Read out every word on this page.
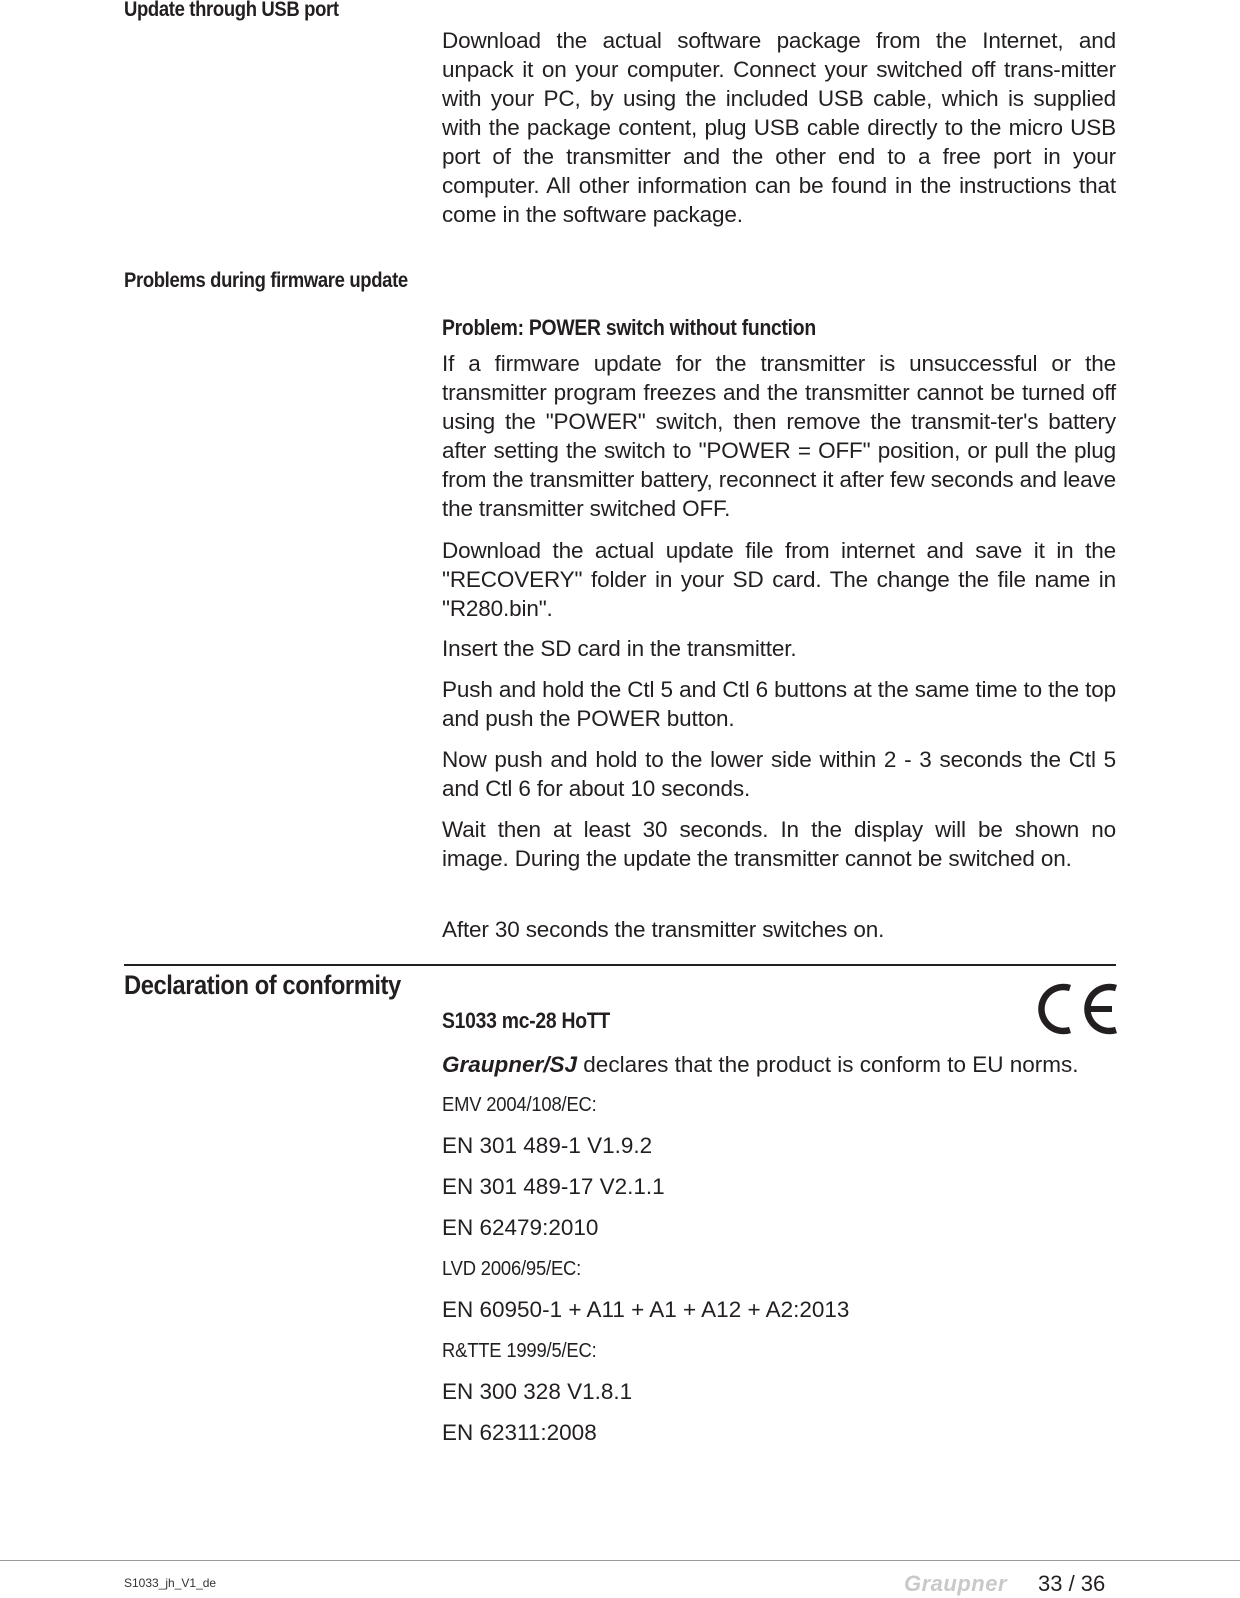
Update through USB port
Download the actual software package from the Internet, and unpack it on your computer. Connect your switched off trans-mitter with your PC, by using the included USB cable, which is supplied with the package content, plug USB cable directly to the micro USB port of the transmitter and the other end to a free port in your computer. All other information can be found in the instructions that come in the software package.
Problems during firmware update
Problem: POWER switch without function
If a firmware update for the transmitter is unsuccessful or the transmitter program freezes and the transmitter cannot be turned off using the "POWER" switch, then remove the transmit-ter's battery after setting the switch to "POWER = OFF" position, or pull the plug from the transmitter battery, reconnect it after few seconds and leave the transmitter switched OFF.
Download the actual update file from internet and save it in the "RECOVERY" folder in your SD card. The change the file name in "R280.bin".
Insert the SD card in the transmitter.
Push and hold the Ctl 5 and Ctl 6 buttons at the same time to the top and push the POWER button.
Now push and hold to the lower side within 2 - 3 seconds the Ctl 5 and Ctl 6 for about 10 seconds.
Wait then at least 30 seconds. In the display will be shown no image. During the update the transmitter cannot be switched on.
After 30 seconds the transmitter switches on.
Declaration of conformity
S1033 mc-28 HoTT
Graupner/SJ declares that the product is conform to EU norms.
EMV 2004/108/EC:
EN 301 489-1 V1.9.2
EN 301 489-17 V2.1.1
EN 62479:2010
LVD 2006/95/EC:
EN 60950-1 + A11 + A1 + A12 + A2:2013
R&TTE 1999/5/EC:
EN 300 328 V1.8.1
EN 62311:2008
S1033_jh_V1_de	Graupner 33 / 36
